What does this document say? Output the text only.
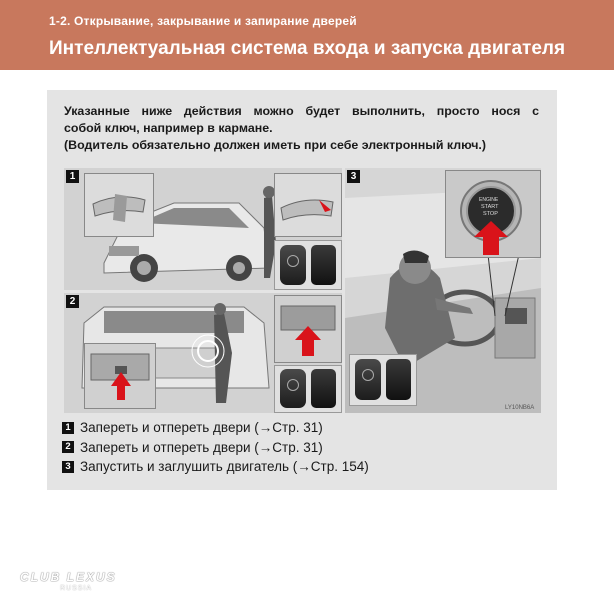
1-2. Открывание, закрывание и запирание дверей
Интеллектуальная система входа и запуска двигателя
Указанные ниже действия можно будет выполнить, просто нося с
собой ключ, например в кармане.
(Водитель обязательно должен иметь при себе электронный ключ.)
1
2
3
ENGINE
START
STOP
LY10NB6A
1 Запереть и отпереть двери (→Стр. 31)
2 Запереть и отпереть двери (→Стр. 31)
3 Запустить и заглушить двигатель (→Стр. 154)
CLUB LEXUS
RUSSIA
